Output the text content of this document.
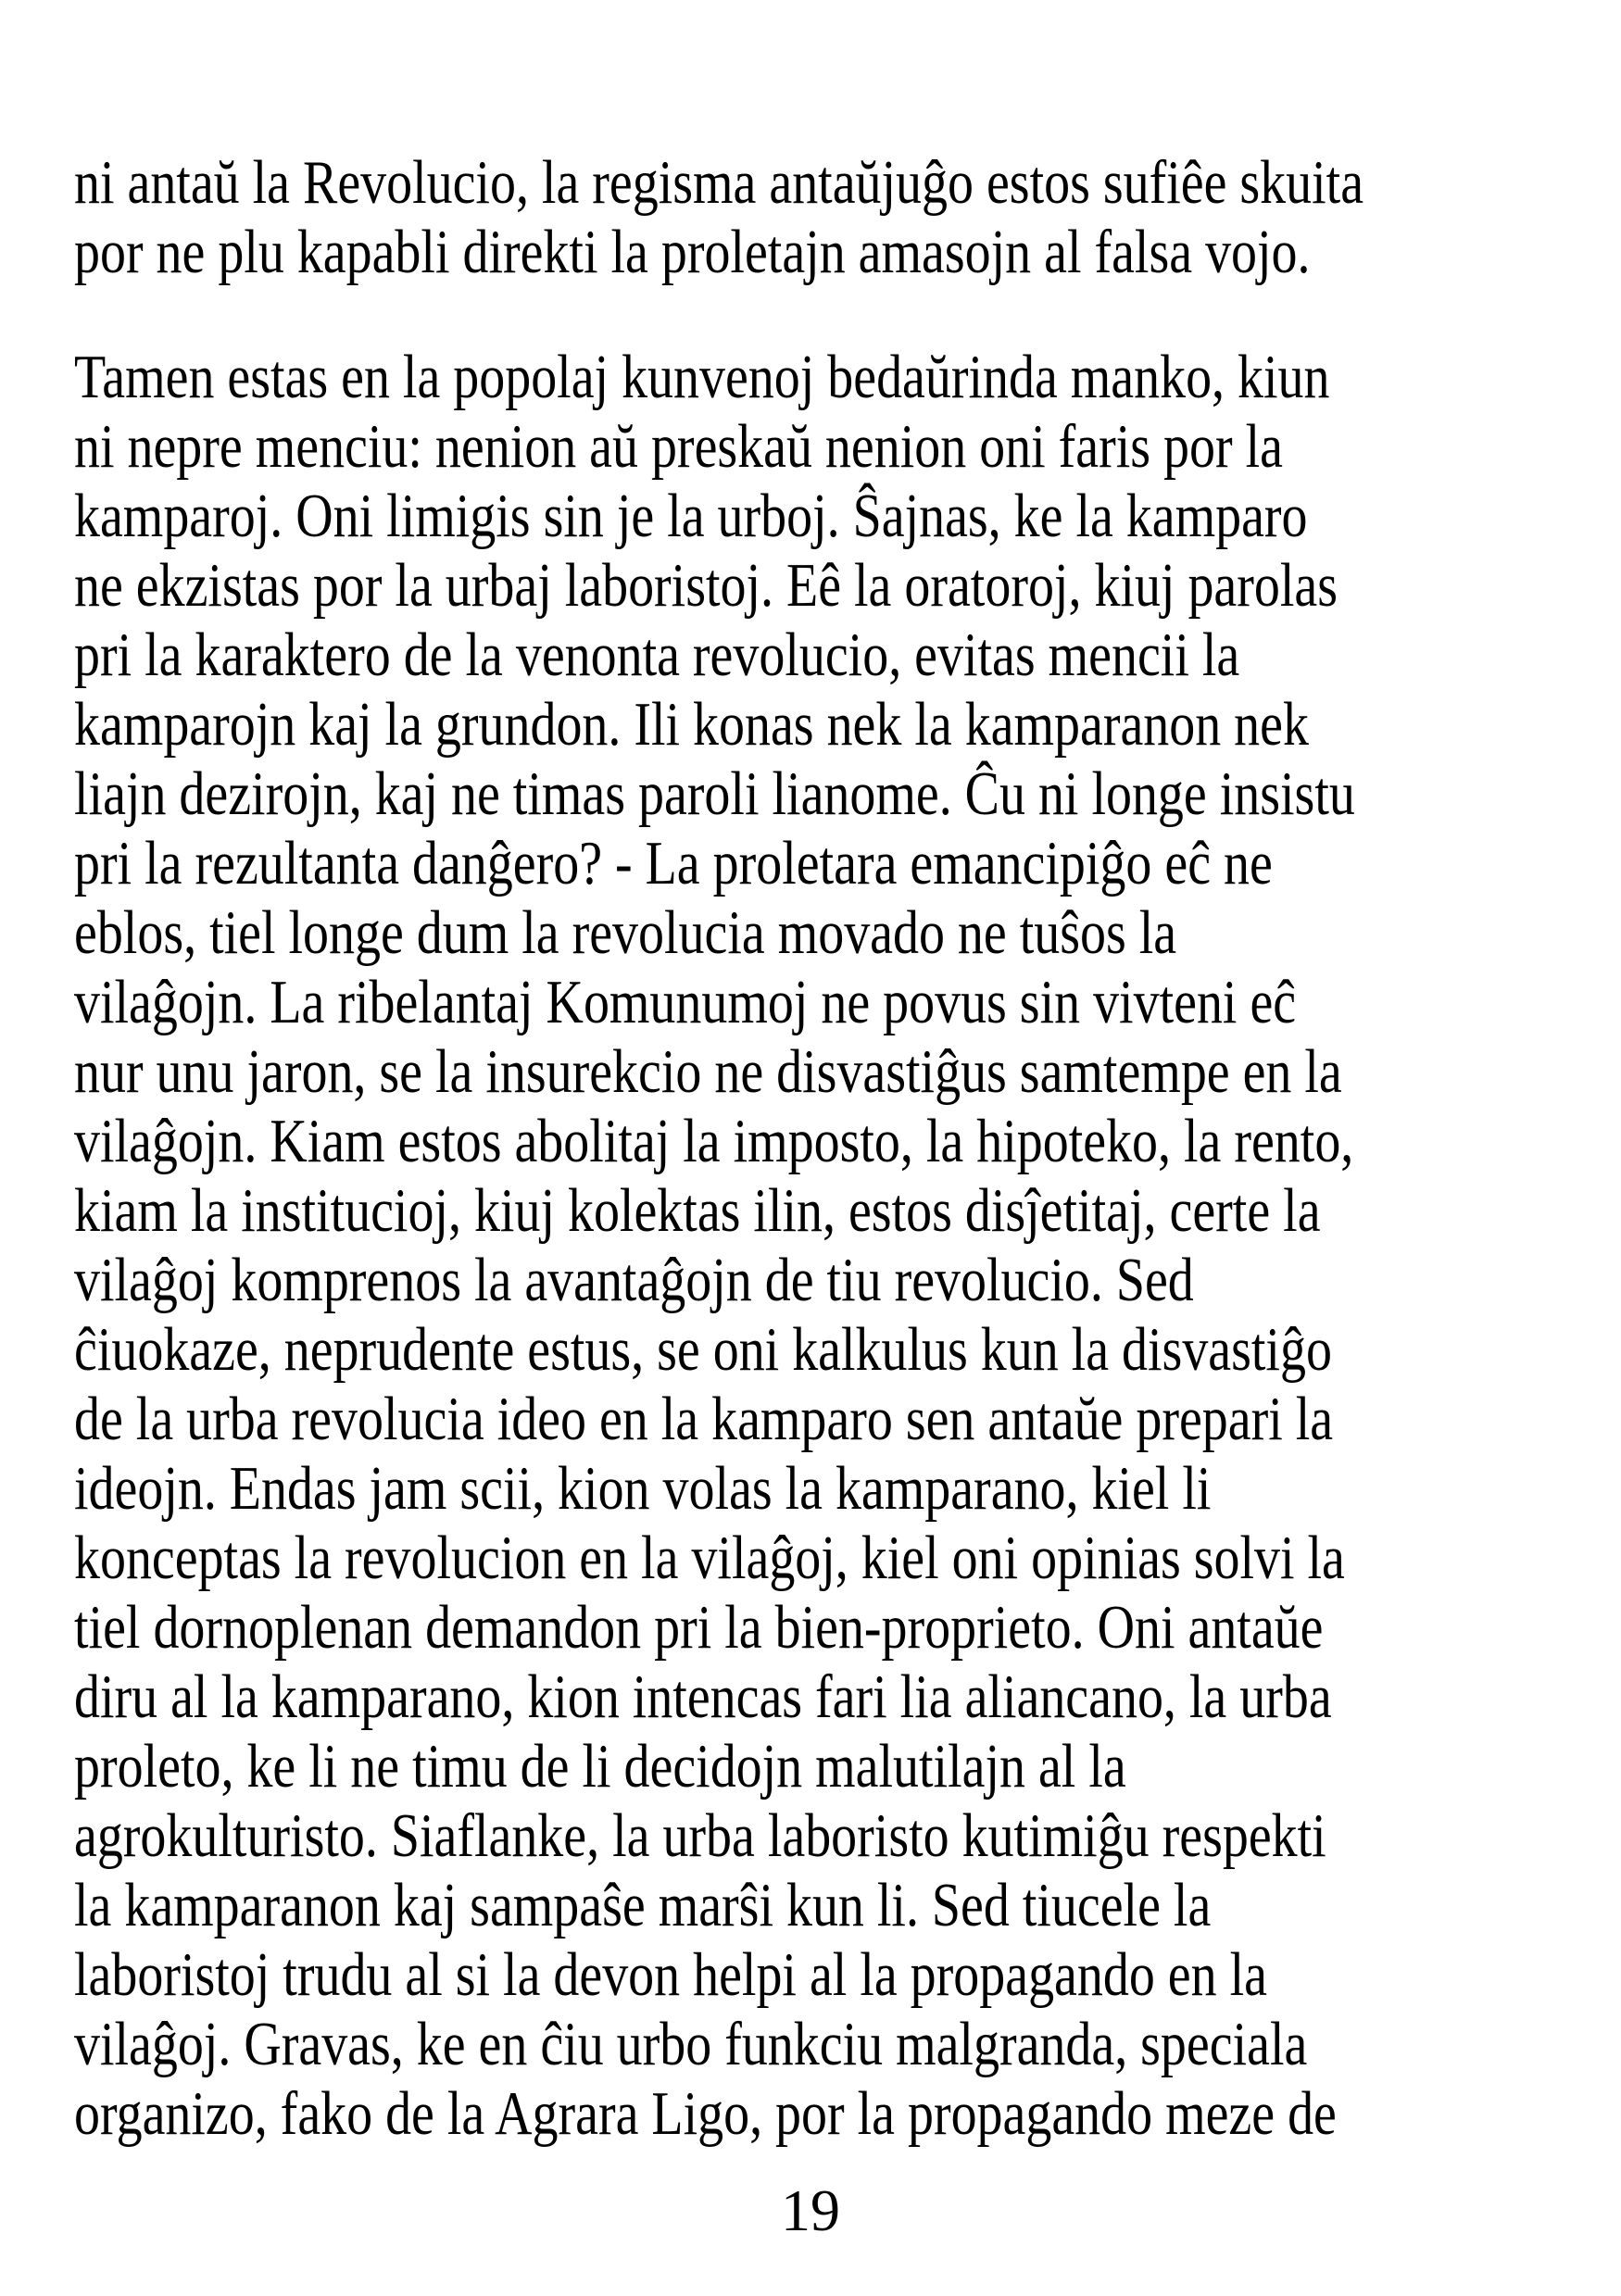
ni antaŭ la Revolucio, la regisma antaŭjuĝo estos sufiêe skuita
por ne plu kapabli direkti la proletajn amasojn al falsa vojo.
Tamen estas en la popolaj kunvenoj bedaŭrinda manko, kiun
ni nepre menciu: nenion aŭ preskaŭ nenion oni faris por la
kamparoj. Oni limigis sin je la urboj. Ŝajnas, ke la kamparo
ne ekzistas por la urbaj laboristoj. Eê la oratoroj, kiuj parolas
pri la karaktero de la venonta revolucio, evitas mencii la
kamparojn kaj la grundon. Ili konas nek la kamparanon nek
liajn dezirojn, kaj ne timas paroli lianome. Ĉu ni longe insistu
pri la rezultanta danĝero? - La proletara emancipiĝo eĉ ne
eblos, tiel longe dum la revolucia movado ne tuŝos la
vilaĝojn. La ribelantaj Komunumoj ne povus sin vivteni eĉ
nur unu jaron, se la insurekcio ne disvastiĝus samtempe en la
vilaĝojn. Kiam estos abolitaj la imposto, la hipoteko, la rento,
kiam la institucioj, kiuj kolektas ilin, estos disĵetitaj, certe la
vilaĝoj komprenos la avantaĝojn de tiu revolucio. Sed
ĉiuokaze, neprudente estus, se oni kalkulus kun la disvastiĝo
de la urba revolucia ideo en la kamparo sen antaŭe prepari la
ideojn. Endas jam scii, kion volas la kamparano, kiel li
konceptas la revolucion en la vilaĝoj, kiel oni opinias solvi la
tiel dornoplenan demandon pri la bien-proprieto. Oni antaŭe
diru al la kamparano, kion intencas fari lia aliancano, la urba
proleto, ke li ne timu de li decidojn malutilajn al la
agrokulturisto. Siaflanke, la urba laboristo kutimiĝu respekti
la kamparanon kaj sampaŝe marŝi kun li. Sed tiucele la
laboristoj trudu al si la devon helpi al la propagando en la
vilaĝoj. Gravas, ke en ĉiu urbo funkciu malgranda, speciala
organizo, fako de la Agrara Ligo, por la propagando meze de
19
